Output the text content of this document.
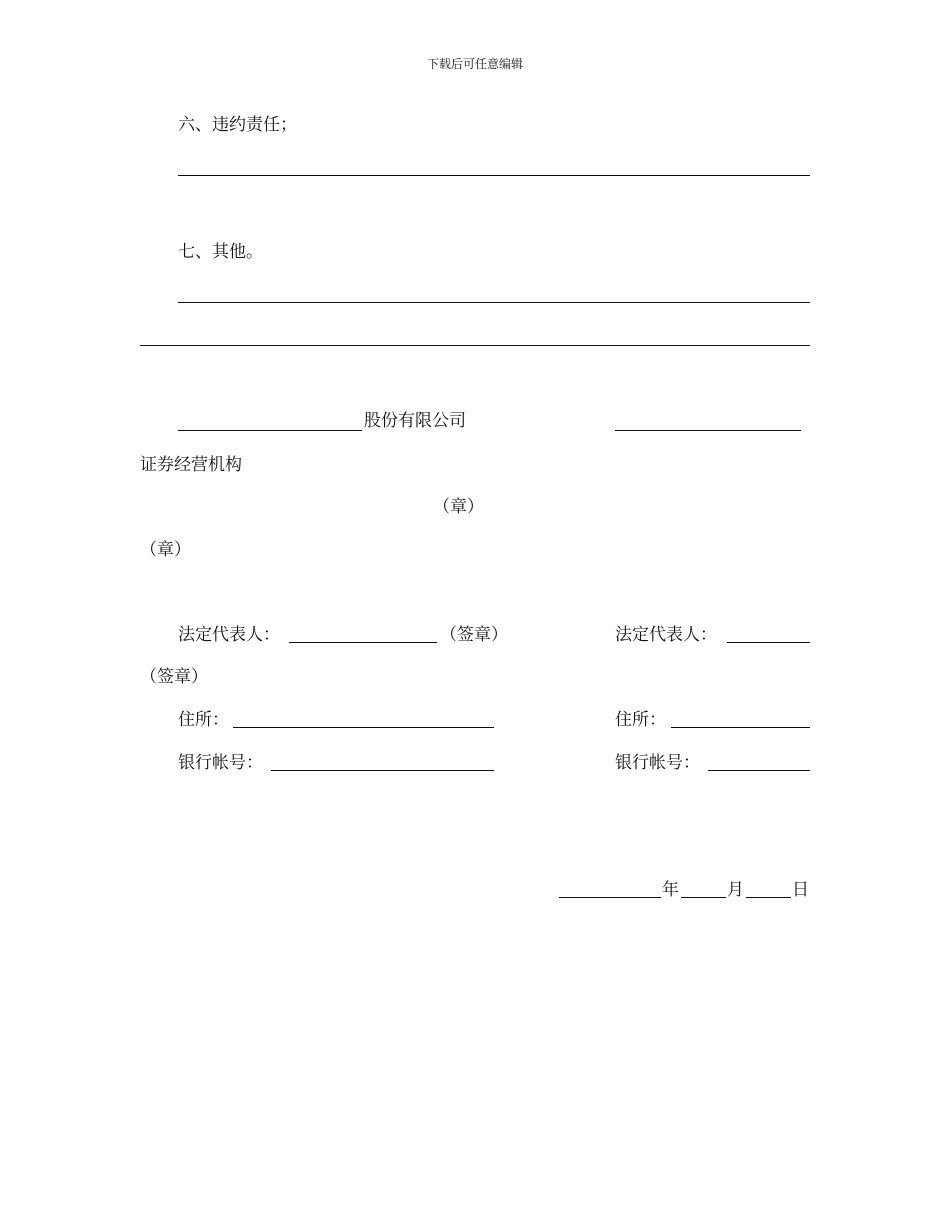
下载后可任意编辑
六、违约责任；
七、其他。
股份有限公司
证券经营机构
（章）
（章）
法定代表人：	（签章）	法定代表人：
（签章）
住所：	住所：
银行帐号：	银行帐号：
年	月	日
